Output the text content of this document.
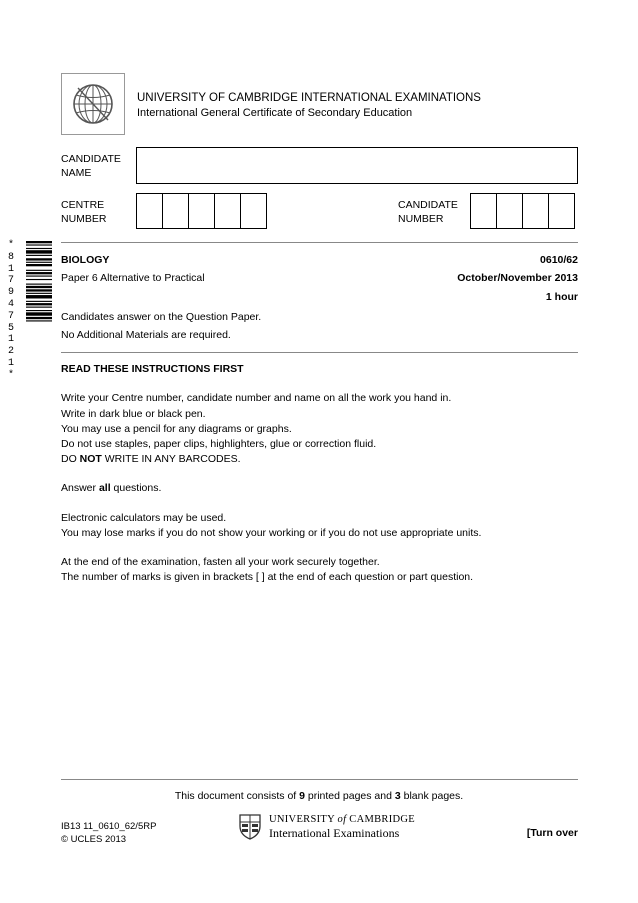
UNIVERSITY OF CAMBRIDGE INTERNATIONAL EXAMINATIONS
International General Certificate of Secondary Education
CANDIDATE
NAME
CENTRE
NUMBER
CANDIDATE
NUMBER
*
8
1
7
9
4
7
5
1
2
1
*
BIOLOGY	0610/62
Paper 6 Alternative to Practical	October/November 2013
1 hour
Candidates answer on the Question Paper.
No Additional Materials are required.
READ THESE INSTRUCTIONS FIRST
Write your Centre number, candidate number and name on all the work you hand in.
Write in dark blue or black pen.
You may use a pencil for any diagrams or graphs.
Do not use staples, paper clips, highlighters, glue or correction fluid.
DO NOT WRITE IN ANY BARCODES.
Answer all questions.
Electronic calculators may be used.
You may lose marks if you do not show your working or if you do not use appropriate units.
At the end of the examination, fasten all your work securely together.
The number of marks is given in brackets [ ] at the end of each question or part question.
This document consists of 9 printed pages and 3 blank pages.
IB13 11_0610_62/5RP
© UCLES 2013
UNIVERSITY of CAMBRIDGE
International Examinations	[Turn over
